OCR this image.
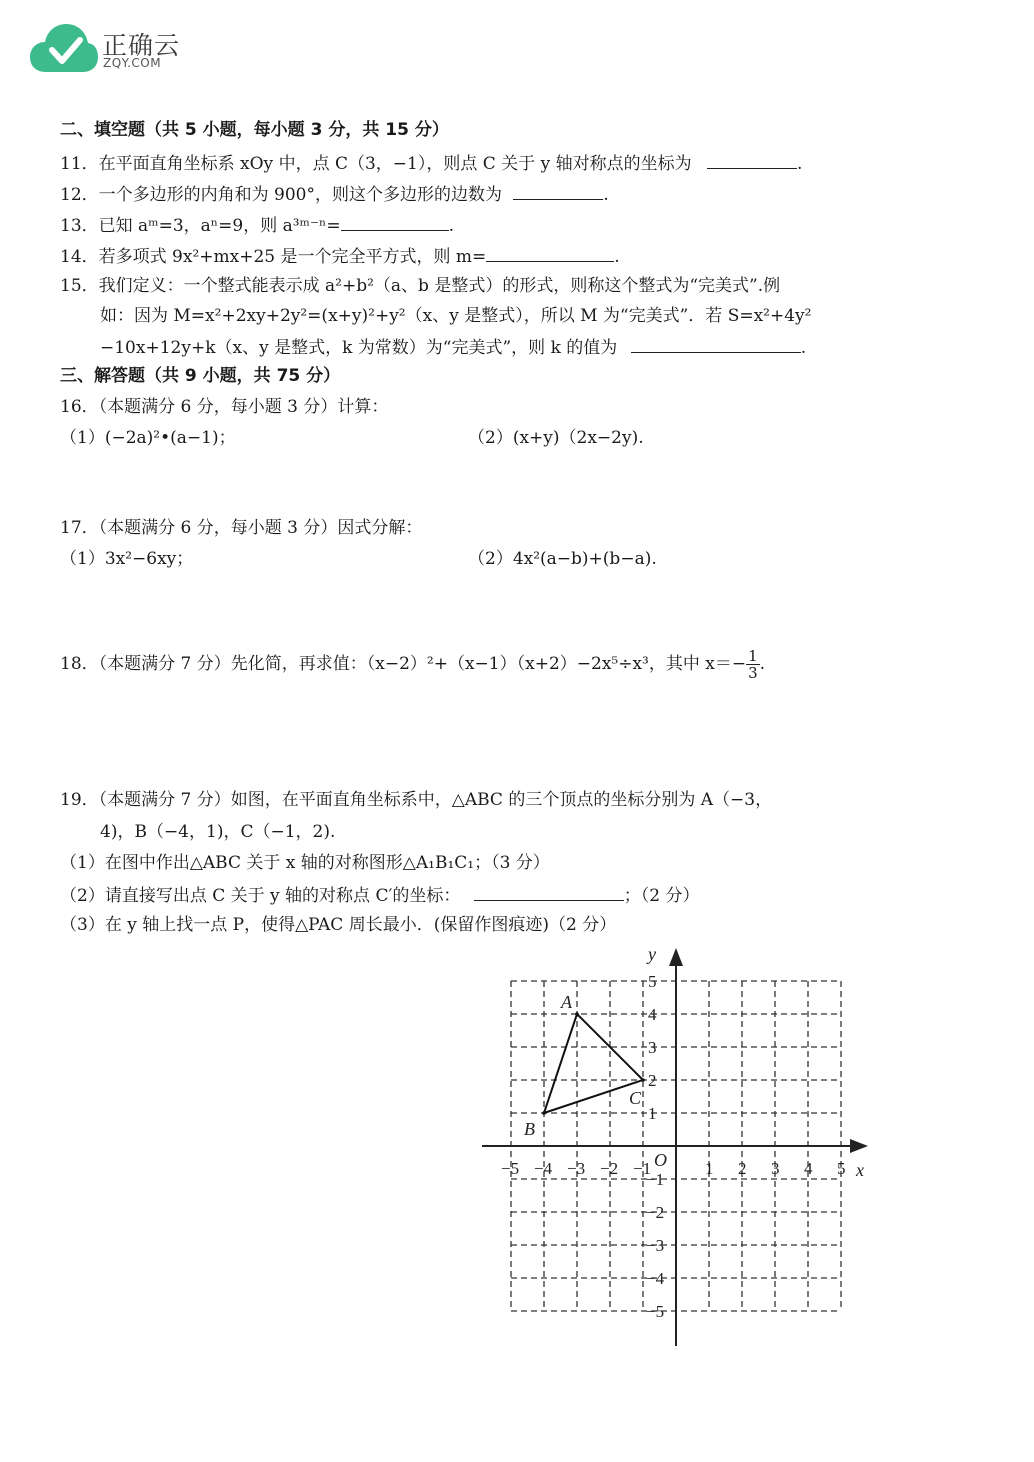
正确云
ZQY.COM
二、填空题（共 5 小题，每小题 3 分，共 15 分）
11．在平面直角坐标系 xOy 中，点 C（3，−1），则点 C 关于 y 轴对称点的坐标为	.
12．一个多边形的内角和为 900°，则这个多边形的边数为	.
13．已知 aᵐ=3，aⁿ=9，则 a³ᵐ⁻ⁿ=	.
14．若多项式 9x²+mx+25 是一个完全平方式，则 m=	.
15．我们定义：一个整式能表示成 a²+b²（a、b 是整式）的形式，则称这个整式为“完美式”.例
如：因为 M=x²+2xy+2y²=(x+y)²+y²（x、y 是整式），所以 M 为“完美式”．若 S=x²+4y²
−10x+12y+k（x、y 是整式，k 为常数）为“完美式”，则 k 的值为	.
三、解答题（共 9 小题，共 75 分）
16．（本题满分 6 分，每小题 3 分）计算：
（1）(−2a)²•(a−1)；	（2）(x+y)（2x−2y).
17．（本题满分 6 分，每小题 3 分）因式分解：
（1）3x²−6xy；	（2）4x²(a−b)+(b−a).
18．（本题满分 7 分）先化简，再求值：（x−2）²+（x−1）（x+2）−2x⁵÷x³，其中 $x=- \frac{1}{3}$ .
19．（本题满分 7 分）如图，在平面直角坐标系中，△ABC 的三个顶点的坐标分别为 A（−3，
4)，B（−4，1)，C（−1，2).
（1）在图中作出△ABC 关于 x 轴的对称图形△A₁B₁C₁；（3 分）
（2）请直接写出点 C 关于 y 轴的对称点 C′的坐标：	；（2 分）
（3）在 y 轴上找一点 P，使得△PAC 周长最小．(保留作图痕迹)（2 分）
x
y
O
−5 −4 −3 −2 −1	1 2 3 4 5
5
4
3
2
1
−1
−2
−3
−4
−5
A
B
C
